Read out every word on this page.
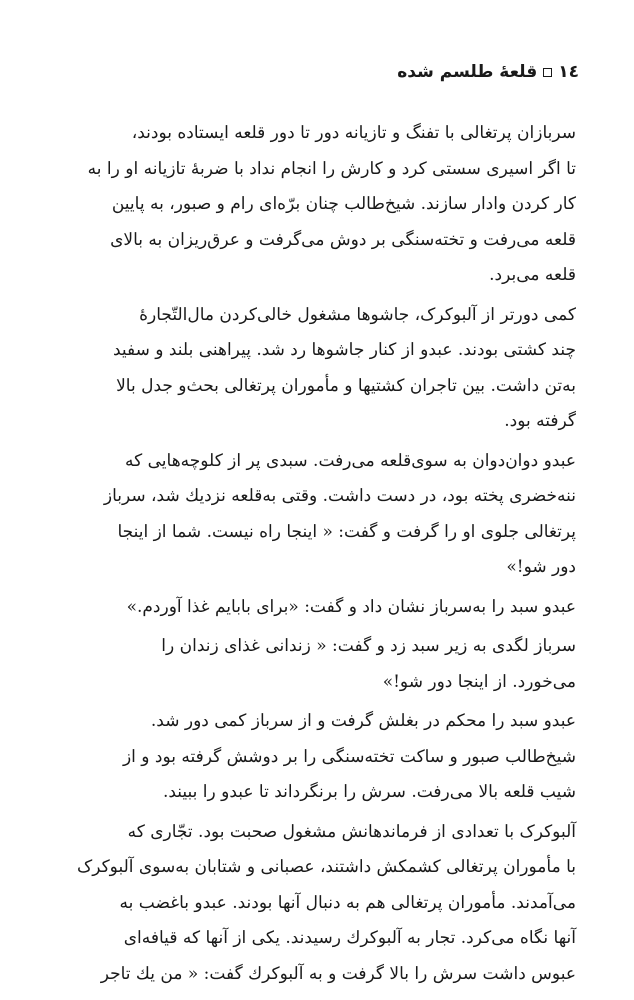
١٤
قلعهٔ طلسم شده

سربازان پرتغالی با تفنگ و تازیانه دور تا دور قلعه ایستاده بودند،
تا اگر اسیری سستی کرد و کارش را انجام نداد با ضربهٔ تازیانه او را به
کار کردن وادار سازند. شیخ‌طالب چنان برّه‌ای رام و صبور، به پایین
قلعه می‌رفت و تخته‌سنگی بر دوش می‌گرفت و عرق‌ریزان به بالای
قلعه می‌برد.

کمی دورتر از آلبوکرک، جاشوها مشغول خالی‌کردن مال‌التّجارهٔ
چند کشتی بودند. عبدو از کنار جاشوها رد شد. پیراهنی بلند و سفید
به‌تن داشت. بین تاجران کشتیها و مأموران پرتغالی بحث‌و جدل بالا
گرفته بود.

عبدو دوان‌دوان به سوی‌قلعه می‌رفت. سبدی پر از کلوچه‌هایی که
ننه‌خضری پخته بود، در دست داشت. وقتی به‌قلعه نزدیك شد، سرباز
پرتغالی جلوی او را گرفت و گفت: « اینجا راه نیست. شما از اینجا
دور شو!»

عبدو سبد را به‌سرباز نشان داد و گفت: «برای بابایم غذا آوردم.»

سرباز لگدی به زیر سبد زد و گفت: « زندانی غذای زندان را
می‌خورد. از اینجا دور شو!»

عبدو سبد را محکم در بغلش گرفت و از سرباز کمی دور شد.
شیخ‌طالب صبور و ساکت تخته‌سنگی را بر دوشش گرفته بود و از
شیب قلعه بالا می‌رفت. سرش را برنگرداند تا عبدو را ببیند.

آلبوکرک با تعدادی از فرماندهانش مشغول صحبت بود. تجّاری که
با مأموران پرتغالی کشمکش داشتند، عصبانی و شتابان به‌سوی آلبوکرک
می‌آمدند. مأموران پرتغالی هم به دنبال آنها بودند. عبدو باغضب به
آنها نگاه می‌کرد. تجار به آلبوکرك رسیدند. یکی از آنها که قیافه‌ای
عبوس داشت سرش را بالا گرفت و به آلبوکرك گفت: « من یك تاجر
